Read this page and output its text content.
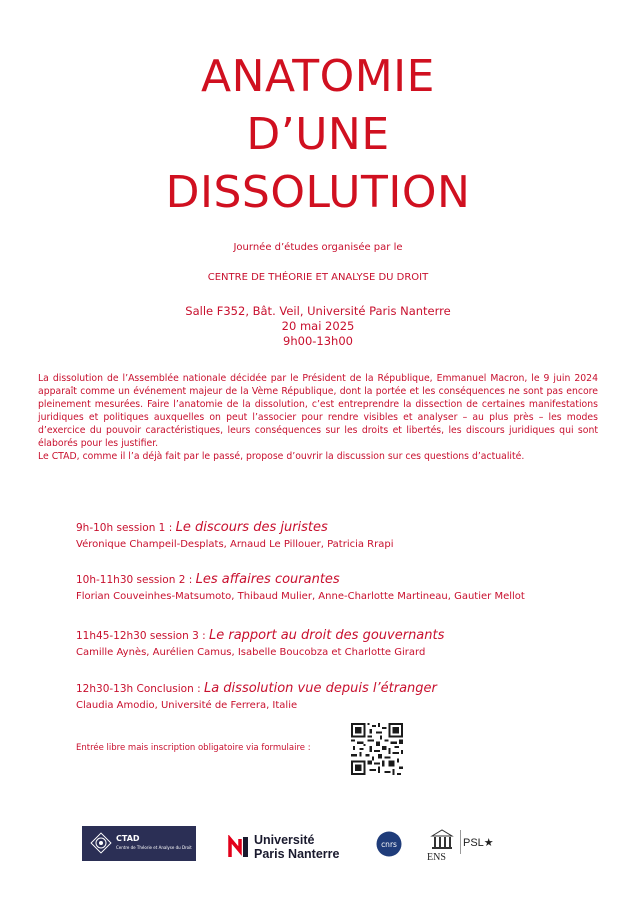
ANATOMIE
D’UNE
DISSOLUTION
Journée d’études organisée par le
CENTRE DE THÉORIE ET ANALYSE DU DROIT
Salle F352, Bât. Veil, Université Paris Nanterre
20 mai 2025
9h00-13h00

La dissolution de l’Assemblée nationale décidée par le Président de la République, Emmanuel Macron, le 9 juin 2024 apparaît comme un événement majeur de la Vème République, dont la portée et les conséquences ne sont pas encore pleinement mesurées. Faire l’anatomie de la dissolution, c’est entreprendre la dissection de certaines manifestations juridiques et politiques auxquelles on peut l’associer pour rendre visibles et analyser – au plus près – les modes d’exercice du pouvoir caractéristiques, leurs conséquences sur les droits et libertés, les discours juridiques qui sont élaborés pour les justifier.

Le CTAD, comme il l’a déjà fait par le passé, propose d’ouvrir la discussion sur ces questions d’actualité.

9h-10h session 1 : Le discours des juristes
Véronique Champeil-Desplats, Arnaud Le Pillouer, Patricia Rrapi
10h-11h30 session 2 : Les affaires courantes
Florian Couveinhes-Matsumoto, Thibaud Mulier, Anne-Charlotte Martineau, Gautier Mellot
11h45-12h30 session 3 : Le rapport au droit des gouvernants
Camille Aynès, Aurélien Camus, Isabelle Boucobza et Charlotte Girard
12h30-13h Conclusion : La dissolution vue depuis l’étranger
Claudia Amodio, Université de Ferrera, Italie
Entrée libre mais inscription obligatoire via formulaire :
CTAD
Centre de Théorie et Analyse du Droit
Université
Paris Nanterre
cnrs
ENS
PSL★
